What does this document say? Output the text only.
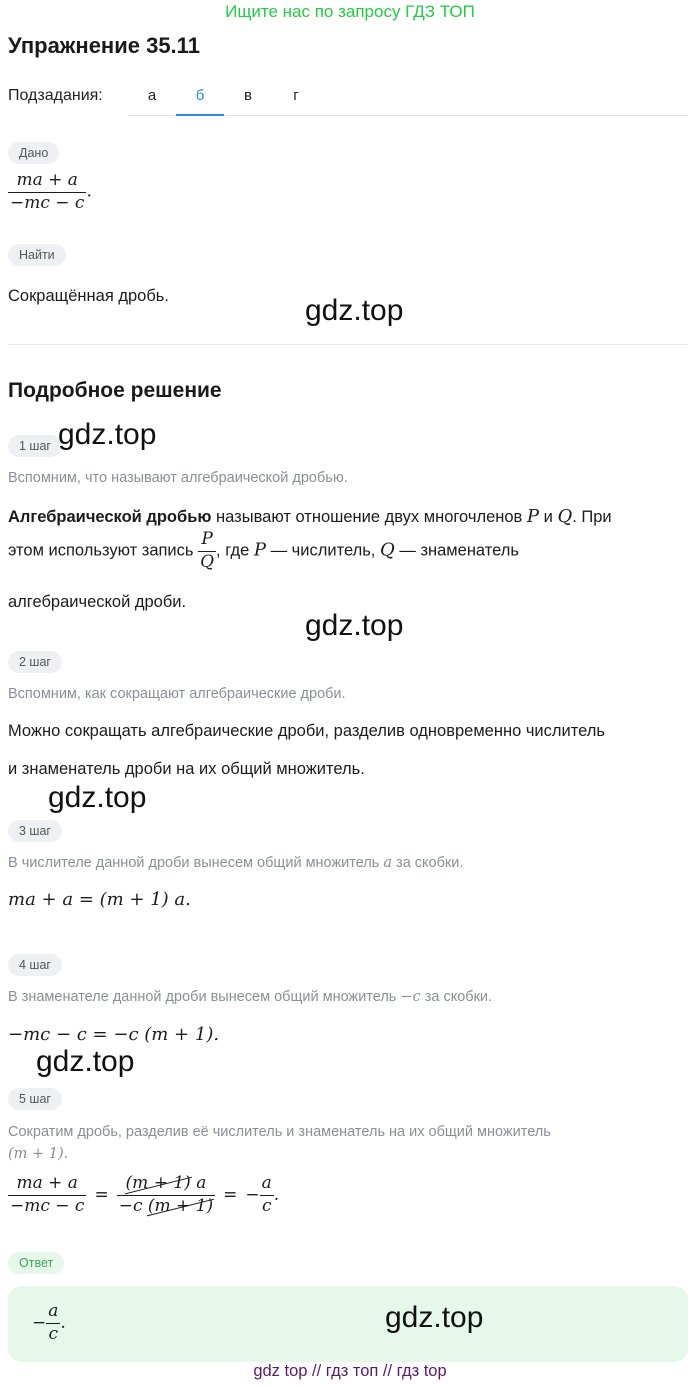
Ищите нас по запросу ГДЗ ТОП
Упражнение 35.11
Подзадания:	а	б	в	г
Дано
$\frac{ma + a}{-mc - c}$ .
Найти
Сокращённая дробь.	gdz.top
Подробное решение
1 шаг gdz.top
Вспомним, что называют алгебраической дробью.
Алгебраической дробью называют отношение двух многочленов P и Q. При
этом используют запись $\frac{P}{Q}$ , где P — числитель, Q — знаменатель
алгебраической дроби.
gdz.top
2 шаг
Вспомним, как сокращают алгебраические дроби.
Можно сокращать алгебраические дроби, разделив одновременно числитель
и знаменатель дроби на их общий множитель.
gdz.top
3 шаг
В числителе данной дроби вынесем общий множитель a за скобки.
ma + a = (m + 1) a.
4 шаг
В знаменателе данной дроби вынесем общий множитель −c за скобки.
−mc − c = −c (m + 1).
gdz.top
5 шаг
Сократим дробь, разделив её числитель и знаменатель на их общий множитель
(m + 1).
$\frac{ma + a}{-mc - c} = \frac{(m + 1) a}{-c (m + 1)}$ = − $\frac{a}{c}$ .
Ответ
− $\frac{a}{c}$ .	gdz.top
gdz top // гдз топ // гдз top
